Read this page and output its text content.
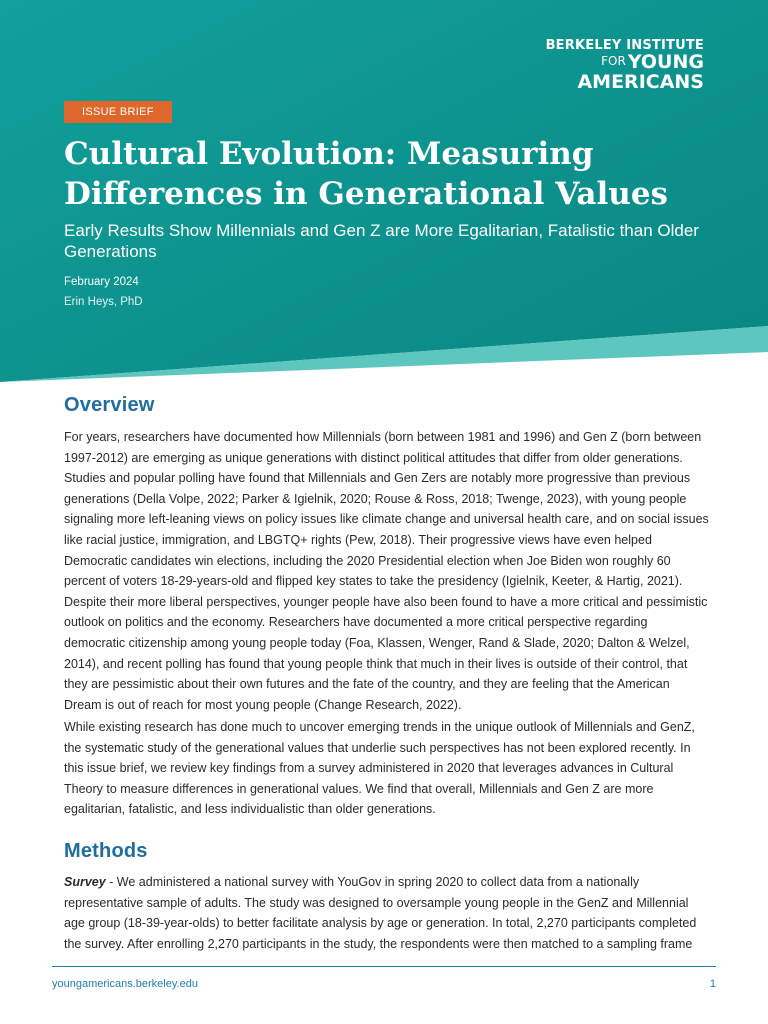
BERKELEY INSTITUTE
FOR YOUNG
AMERICANS
ISSUE BRIEF
Cultural Evolution: Measuring Differences in Generational Values

Early Results Show Millennials and Gen Z are More Egalitarian, Fatalistic than Older Generations

February 2024
Erin Heys, PhD
Overview

For years, researchers have documented how Millennials (born between 1981 and 1996) and Gen Z (born between 1997-2012) are emerging as unique generations with distinct political attitudes that differ from older generations. Studies and popular polling have found that Millennials and Gen Zers are notably more progressive than previous generations (Della Volpe, 2022; Parker & Igielnik, 2020; Rouse & Ross, 2018; Twenge, 2023), with young people signaling more left-leaning views on policy issues like climate change and universal health care, and on social issues like racial justice, immigration, and LBGTQ+ rights (Pew, 2018). Their progressive views have even helped Democratic candidates win elections, including the 2020 Presidential election when Joe Biden won roughly 60 percent of voters 18-29-years-old and flipped key states to take the presidency (Igielnik, Keeter, & Hartig, 2021). Despite their more liberal perspectives, younger people have also been found to have a more critical and pessimistic outlook on politics and the economy. Researchers have documented a more critical perspective regarding democratic citizenship among young people today (Foa, Klassen, Wenger, Rand & Slade, 2020; Dalton & Welzel, 2014), and recent polling has found that young people think that much in their lives is outside of their control, that they are pessimistic about their own futures and the fate of the country, and they are feeling that the American Dream is out of reach for most young people (Change Research, 2022).

While existing research has done much to uncover emerging trends in the unique outlook of Millennials and GenZ, the systematic study of the generational values that underlie such perspectives has not been explored recently. In this issue brief, we review key findings from a survey administered in 2020 that leverages advances in Cultural Theory to measure differences in generational values. We find that overall, Millennials and Gen Z are more egalitarian, fatalistic, and less individualistic than older generations.

Methods

Survey - We administered a national survey with YouGov in spring 2020 to collect data from a nationally representative sample of adults. The study was designed to oversample young people in the GenZ and Millennial age group (18-39-year-olds) to better facilitate analysis by age or generation. In total, 2,270 participants completed the survey. After enrolling 2,270 participants in the study, the respondents were then matched to a sampling frame

youngamericans.berkeley.edu	1
